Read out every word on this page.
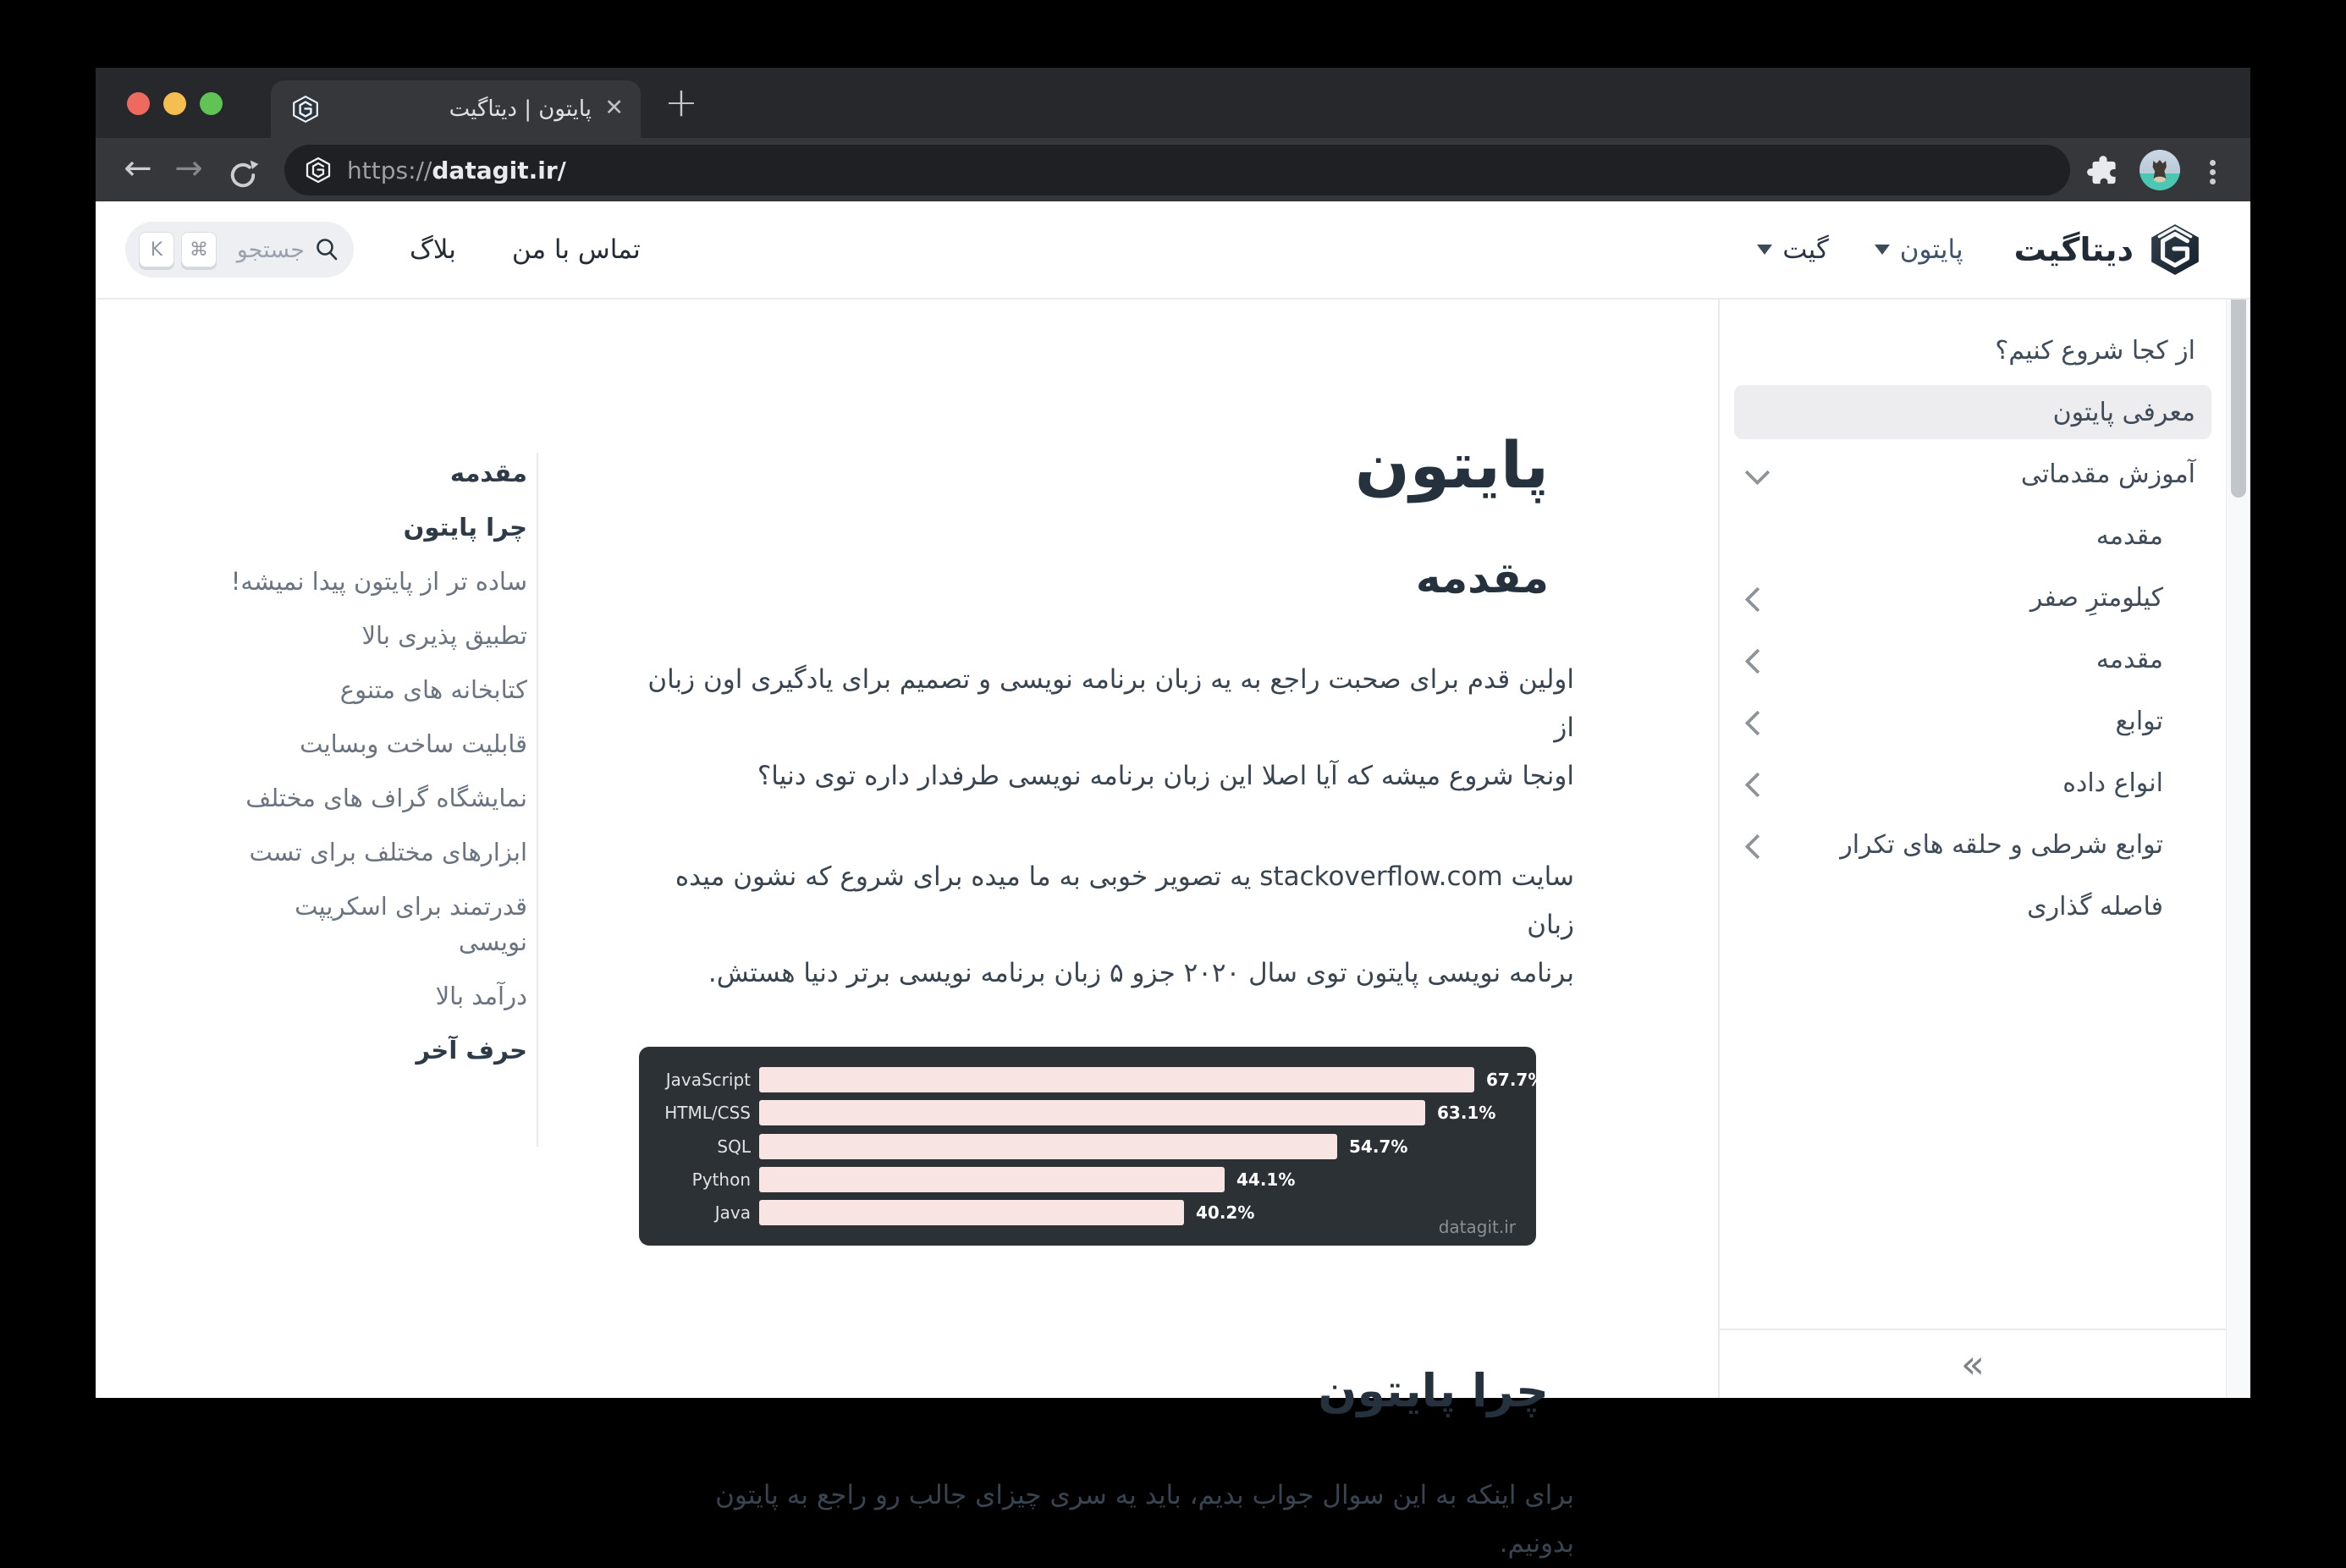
پایتون | دیتاگیت ✕ +
← →	https://datagit.ir/
دیتاگیت
پایتون
گیت
تماس با من
بلاگ
جستجو
⌘
K
از کجا شروع کنیم؟
معرفی پایتون
آموزش مقدماتی
مقدمه
کیلومترِ صفر
مقدمه
توابع
انواع داده
توابع شرطی و حلقه های تکرار
فاصله گذاری
»
مقدمه
چرا پایتون
ساده تر از پایتون پیدا نمیشه!
تطبیق پذیری بالا
کتابخانه های متنوع
قابلیت ساخت وبسایت
نمایشگاه گراف های مختلف
ابزارهای مختلف برای تست
قدرتمند برای اسکریپت نویسی
درآمد بالا
حرف آخر
پایتون
مقدمه

اولین قدم برای صحبت راجع به یه زبان برنامه نویسی و تصمیم برای یادگیری اون زبان از
اونجا شروع میشه که آیا اصلا این زبان برنامه نویسی طرفدار داره توی دنیا؟

سایت stackoverflow.com یه تصویر خوبی به ما میده برای شروع که نشون میده زبان
برنامه نویسی پایتون توی سال ۲۰۲۰ جزو ۵ زبان برنامه نویسی برتر دنیا هستش.

JavaScript	67.7%
HTML/CSS	63.1%
SQL	54.7%
Python	44.1%
Java	40.2%
datagit.ir
چرا پایتون

برای اینکه به این سوال جواب بدیم، باید یه سری چیزای جالب رو راجع به پایتون بدونیم.
